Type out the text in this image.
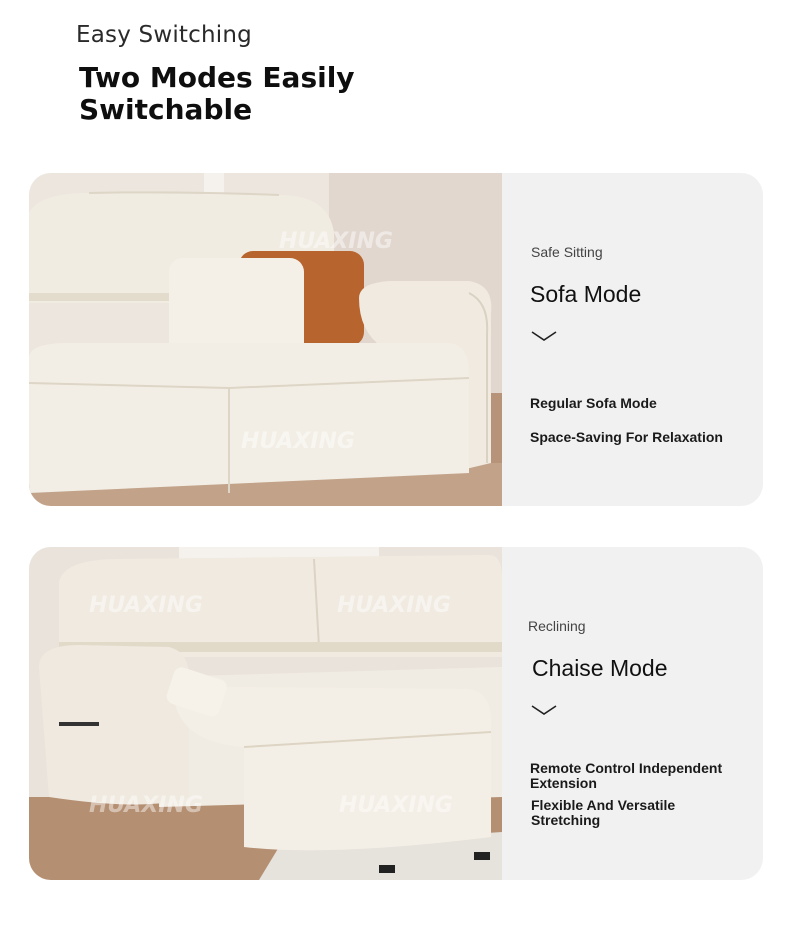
Easy Switching
Two Modes Easily Switchable
HUAXING
HUAXING
Safe Sitting
Sofa Mode
Regular Sofa Mode
Space-Saving For Relaxation
HUAXING	HUAXING
HUAXING	HUAXING
Reclining
Chaise Mode
Remote Control Independent Extension
Flexible And Versatile Stretching
